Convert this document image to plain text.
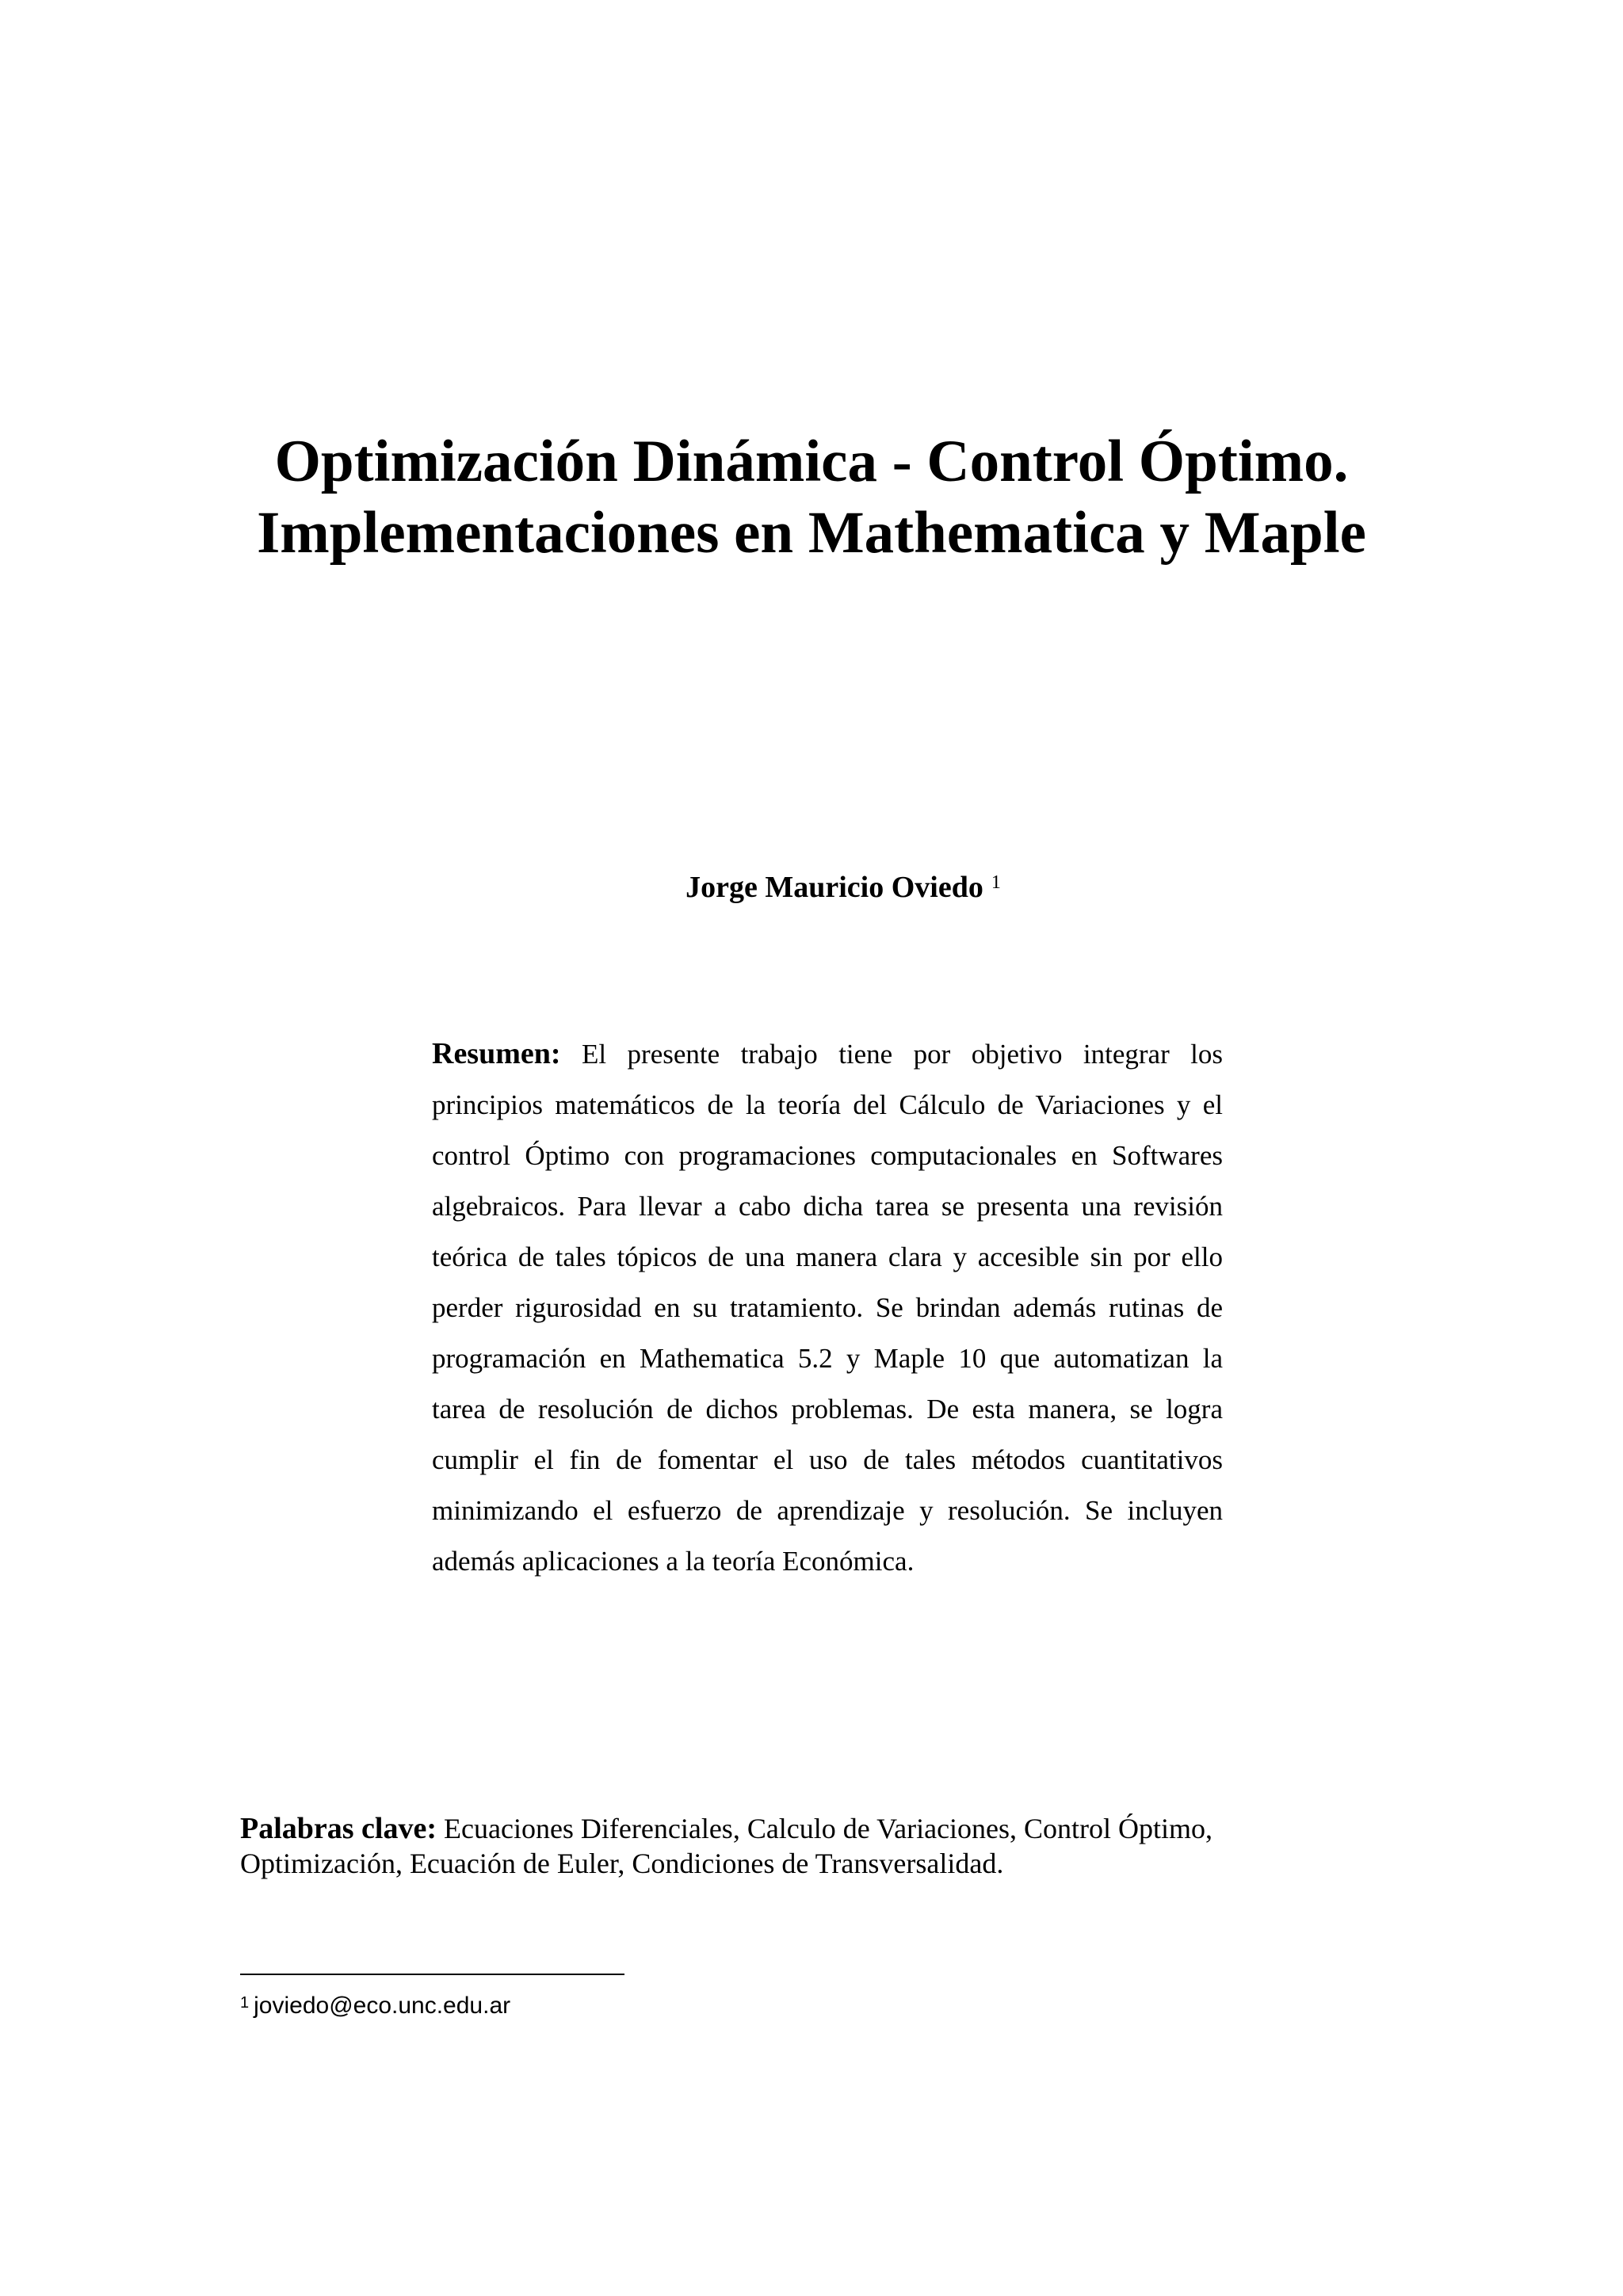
Optimización Dinámica - Control Óptimo.
Implementaciones en Mathematica y Maple
Jorge Mauricio Oviedo $^1$
Resumen: El presente trabajo tiene por objetivo integrar los
principios matemáticos de la teoría del Cálculo de Variaciones y el
control Óptimo con programaciones computacionales en Softwares
algebraicos. Para llevar a cabo dicha tarea se presenta una revisión
teórica de tales tópicos de una manera clara y accesible sin por ello
perder rigurosidad en su tratamiento. Se brindan además rutinas de
programación en Mathematica 5.2 y Maple 10 que automatizan la
tarea de resolución de dichos problemas. De esta manera, se logra
cumplir el fin de fomentar el uso de tales métodos cuantitativos
minimizando el esfuerzo de aprendizaje y resolución. Se incluyen
además aplicaciones a la teoría Económica.
Palabras clave: Ecuaciones Diferenciales, Calculo de Variaciones, Control Óptimo,
Optimización, Ecuación de Euler, Condiciones de Transversalidad.
$^1$ joviedo@eco.unc.edu.ar
